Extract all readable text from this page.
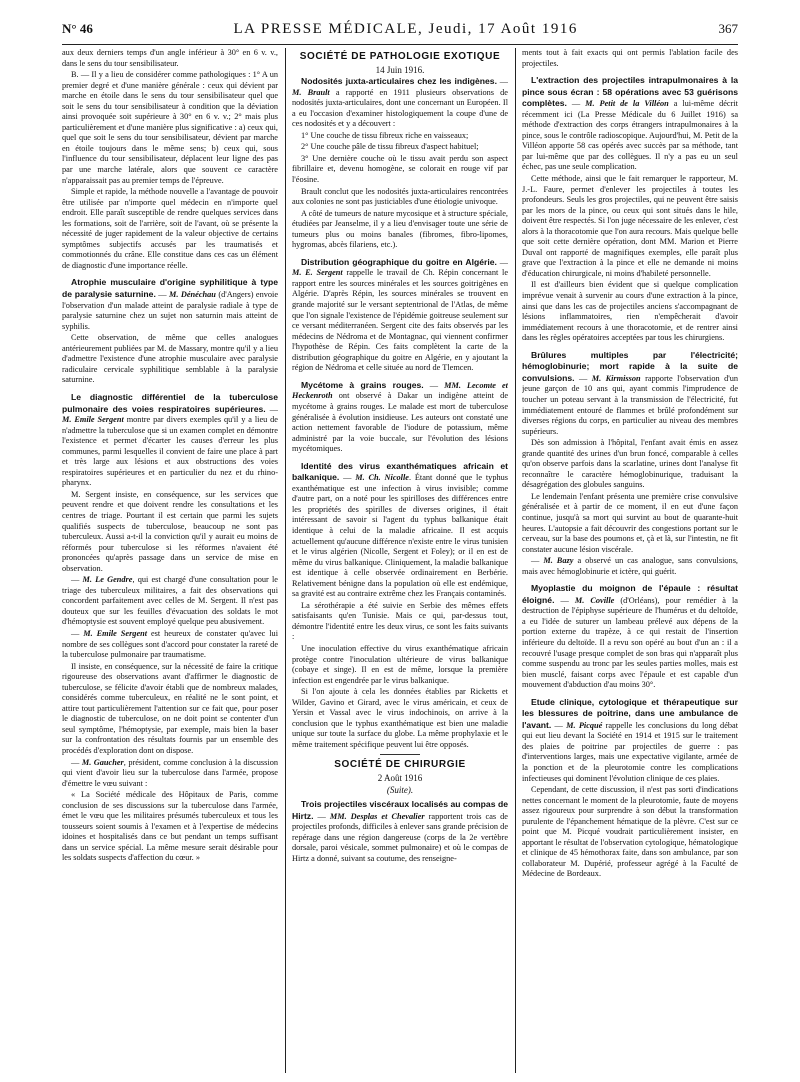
N° 46	LA PRESSE MÉDICALE, Jeudi, 17 Août 1916	367

aux deux derniers temps d'un angle inférieur à 30° en 6 v. v., dans le sens du tour sensibilisateur.

B. — Il y a lieu de considérer comme pathologiques : 1° A un premier degré et d'une manière générale : ceux qui dévient par marche en étoile dans le sens du tour sensibilisateur quel que soit le sens du tour sensibilisateur à condition que la déviation ainsi provoquée soit supérieure à 30° en 6 v. v.; 2° mais plus particulièrement et d'une manière plus significative : a) ceux qui, quel que soit le sens du tour sensibilisateur, dévient par marche en étoile toujours dans le même sens; b) ceux qui, sous l'influence du tour sensibilisateur, déplacent leur ligne des pas par une marche latérale, alors que souvent ce caractère n'apparaissait pas au premier temps de l'épreuve.

Simple et rapide, la méthode nouvelle a l'avantage de pouvoir être utilisée par n'importe quel médecin en n'importe quel endroit. Elle paraît susceptible de rendre quelques services dans les formations, soit de l'arrière, soit de l'avant, où se présente la nécessité de juger rapidement de la valeur objective de certains symptômes subjectifs accusés par les traumatisés et commotionnés du crâne. Elle constitue dans ces cas un élément de diagnostic d'une importance réelle.

Atrophie musculaire d'origine syphilitique à type de paralysie saturnine. — M. Dénéchau (d'Angers) envoie l'observation d'un malade atteint de paralysie radiale à type de paralysie saturnine chez un sujet non saturnin mais atteint de syphilis.

Cette observation, de même que celles analogues antérieurement publiées par M. de Massary, montre qu'il y a lieu d'admettre l'existence d'une atrophie musculaire avec paralysie radiculaire cervicale syphilitique semblable à la paralysie saturnine.

Le diagnostic différentiel de la tuberculose pulmonaire des voies respiratoires supérieures. — M. Emile Sergent montre par divers exemples qu'il y a lieu de n'admettre la tuberculose que si un examen complet en démontre l'existence et permet d'écarter les causes d'erreur les plus communes, parmi lesquelles il convient de faire une place à part et très large aux lésions et aux obstructions des voies respiratoires supérieures et en particulier du nez et du rhino-pharynx.

M. Sergent insiste, en conséquence, sur les services que peuvent rendre et que doivent rendre les consultations et les centres de triage. Pourtant il est certain que parmi les sujets qualifiés suspects de tuberculose, beaucoup ne sont pas tuberculeux. Aussi a-t-il la conviction qu'il y aurait eu moins de réformés pour tuberculose si les réformes n'avaient été prononcées qu'après passage dans un service de mise en observation.

— M. Le Gendre, qui est chargé d'une consultation pour le triage des tuberculeux militaires, a fait des observations qui concordent parfaitement avec celles de M. Sergent. Il n'est pas douteux que sur les feuilles d'évacuation des soldats le mot d'hémoptysie est souvent employé quelque peu abusivement.

— M. Emile Sergent est heureux de constater qu'avec lui nombre de ses collègues sont d'accord pour constater la rareté de la tuberculose pulmonaire par traumatisme.

Il insiste, en conséquence, sur la nécessité de faire la critique rigoureuse des observations avant d'affirmer le diagnostic de tuberculose, se félicite d'avoir établi que de nombreux malades, considérés comme tuberculeux, en réalité ne le sont point, et attire tout particulièrement l'attention sur ce fait que, pour poser le diagnostic de tuberculose, on ne doit point se contenter d'un seul symptôme, l'hémoptysie, par exemple, mais bien la baser sur la confrontation des résultats fournis par un ensemble des procédés d'exploration dont on dispose.

— M. Gaucher, président, comme conclusion à la discussion qui vient d'avoir lieu sur la tuberculose dans l'armée, propose d'émettre le vœu suivant :

« La Société médicale des Hôpitaux de Paris, comme conclusion de ses discussions sur la tuberculose dans l'armée, émet le vœu que les militaires présumés tuberculeux et tous les tousseurs soient soumis à l'examen et à l'expertise de médecins idoines et hospitalisés dans ce but pendant un temps suffisant dans un service spécial. La même mesure serait désirable pour les soldats suspects d'affection du cœur. »

SOCIÉTÉ DE PATHOLOGIE EXOTIQUE
14 Juin 1916.

Nodosités juxta-articulaires chez les indigènes. — M. Brault a rapporté en 1911 plusieurs observations de nodosités juxta-articulaires, dont une concernant un Européen. Il a eu l'occasion d'examiner histologiquement la coupe d'une de ces nodosités et y a découvert :

1° Une couche de tissu fibreux riche en vaisseaux;

2° Une couche pâle de tissu fibreux d'aspect habituel;

3° Une dernière couche où le tissu avait perdu son aspect fibrillaire et, devenu homogène, se colorait en rouge vif par l'éosine.

Brault conclut que les nodosités juxta-articulaires rencontrées aux colonies ne sont pas justiciables d'une étiologie univoque.

A côté de tumeurs de nature mycosique et à structure spéciale, étudiées par Jeanselme, il y a lieu d'envisager toute une série de tumeurs plus ou moins banales (fibromes, fibro-lipomes, hygromas, abcès filariens, etc.).

Distribution géographique du goitre en Algérie. — M. E. Sergent rappelle le travail de Ch. Répin concernant le rapport entre les sources minérales et les sources goitrigènes en Algérie. D'après Répin, les sources minérales se trouvent en grande majorité sur le versant septentrional de l'Atlas, de même que l'on signale l'existence de l'épidémie goitreuse seulement sur ce versant méditerranéen. Sergent cite des faits observés par les médecins de Nédroma et de Montagnac, qui viennent confirmer l'hypothèse de Répin. Ces faits complètent la carte de la distribution géographique du goitre en Algérie, en y ajoutant la région de Nédroma et celle située au nord de Tlemcen.

Mycétome à grains rouges. — MM. Lecomte et Heckenroth ont observé à Dakar un indigène atteint de mycétome à grains rouges. Le malade est mort de tuberculose généralisée à évolution insidieuse. Les auteurs ont constaté une action nettement favorable de l'iodure de potassium, même administré par la voie buccale, sur l'évolution des lésions mycétomiques.

Identité des virus exanthématiques africain et balkanique. — M. Ch. Nicolle. Étant donné que le typhus exanthématique est une infection à virus invisible; comme d'autre part, on a noté pour les spirilloses des différences entre les propriétés des spirilles de diverses origines, il était intéressant de savoir si l'agent du typhus balkanique était identique à celui de la maladie africaine. Il est acquis actuellement qu'aucune différence n'existe entre le virus tunisien et le virus algérien (Nicolle, Sergent et Foley); or il en est de même du virus balkanique. Cliniquement, la maladie balkanique est identique à celle observée ordinairement en Berbérie. Relativement bénigne dans la population où elle est endémique, sa gravité est au contraire extrême chez les Français contaminés.

La sérothérapie a été suivie en Serbie des mêmes effets satisfaisants qu'en Tunisie. Mais ce qui, par-dessus tout, démontre l'identité entre les deux virus, ce sont les faits suivants :

Une inoculation effective du virus exanthématique africain protège contre l'inoculation ultérieure de virus balkanique (cobaye et singe). Il en est de même, lorsque la première infection est engendrée par le virus balkanique.

Si l'on ajoute à cela les données établies par Ricketts et Wilder, Gavino et Girard, avec le virus américain, et ceux de Yersin et Vassal avec le virus indochinois, on arrive à la conclusion que le typhus exanthématique est bien une maladie unique sur toute la surface du globe. La même prophylaxie et le même traitement spécifique peuvent lui être opposés.

SOCIÉTÉ DE CHIRURGIE
2 Août 1916
(Suite).

Trois projectiles viscéraux localisés au compas de Hirtz. — MM. Desplas et Chevalier rapportent trois cas de projectiles profonds, difficiles à enlever sans grande précision de repérage dans une région dangereuse (corps de la 2e vertèbre dorsale, paroi vésicale, sommet pulmonaire) et où le compas de Hirtz a donné, suivant sa coutume, des renseigne-

ments tout à fait exacts qui ont permis l'ablation facile des projectiles.

L'extraction des projectiles intrapulmonaires à la pince sous écran : 58 opérations avec 53 guérisons complètes. — M. Petit de la Villéon a lui-même décrit récemment ici (La Presse Médicale du 6 Juillet 1916) sa méthode d'extraction des corps étrangers intrapulmonaires à la pince, sous le contrôle radioscopique. Aujourd'hui, M. Petit de la Villéon apporte 58 cas opérés avec succès par sa méthode, tant par lui-même que par des collègues. Il n'y a pas eu un seul échec, pas une seule complication.

Cette méthode, ainsi que le fait remarquer le rapporteur, M. J.-L. Faure, permet d'enlever les projectiles à toutes les profondeurs. Seuls les gros projectiles, qui ne peuvent être saisis par les mors de la pince, ou ceux qui sont situés dans le hile, doivent être respectés. Si l'on juge nécessaire de les enlever, c'est alors à la thoracotomie que l'on aura recours. Mais quelque belle que soit cette dernière opération, dont MM. Marion et Pierre Duval ont rapporté de magnifiques exemples, elle paraît plus grave que l'extraction à la pince et elle ne demande ni moins d'éducation chirurgicale, ni moins d'habileté personnelle.

Il est d'ailleurs bien évident que si quelque complication imprévue venait à survenir au cours d'une extraction à la pince, ainsi que dans les cas de projectiles anciens s'accompagnant de lésions inflammatoires, rien n'empêcherait d'avoir immédiatement recours à une thoracotomie, et de rentrer ainsi dans les règles opératoires acceptées par tous les chirurgiens.

Brûlures multiples par l'électricité; hémoglobinurie; mort rapide à la suite de convulsions. — M. Kirmisson rapporte l'observation d'un jeune garçon de 10 ans qui, ayant commis l'imprudence de toucher un poteau servant à la transmission de l'électricité, fut immédiatement entouré de flammes et brûlé profondément sur diverses régions du corps, en particulier au niveau des membres supérieurs.

Dès son admission à l'hôpital, l'enfant avait émis en assez grande quantité des urines d'un brun foncé, comparable à celles qu'on observe parfois dans la scarlatine, urines dont l'analyse fit reconnaître le caractère hémoglobinurique, traduisant la désagrégation des globules sanguins.

Le lendemain l'enfant présenta une première crise convulsive généralisée et à partir de ce moment, il en eut d'une façon continue, jusqu'à sa mort qui survint au bout de quarante-huit heures. L'autopsie a fait découvrir des congestions portant sur le cerveau, sur la base des poumons et, çà et là, sur l'intestin, ne fit constater aucune lésion viscérale.

— M. Bazy a observé un cas analogue, sans convulsions, mais avec hémoglobinurie et ictère, qui guérit.

Myoplastie du moignon de l'épaule : résultat éloigné. — M. Coville (d'Orléans), pour remédier à la destruction de l'épiphyse supérieure de l'humérus et du deltoïde, a eu l'idée de suturer un lambeau prélevé aux dépens de la portion externe du trapèze, à ce qui restait de l'insertion inférieure du deltoïde. Il a revu son opéré au bout d'un an : il a recouvré l'usage presque complet de son bras qui n'apparaît plus comme suspendu au tronc par les seules parties molles, mais est bien musclé, faisant corps avec l'épaule et est capable d'un mouvement d'abduction d'au moins 30°.

Etude clinique, cytologique et thérapeutique sur les blessures de poitrine, dans une ambulance de l'avant. — M. Picqué rappelle les conclusions du long débat qui eut lieu devant la Société en 1914 et 1915 sur le traitement des plaies de poitrine par projectiles de guerre : pas d'interventions larges, mais une expectative vigilante, armée de la ponction et de la pleurotomie contre les complications infectieuses qui dominent l'évolution clinique de ces plaies.

Cependant, de cette discussion, il n'est pas sorti d'indications nettes concernant le moment de la pleurotomie, faute de moyens assez rigoureux pour surprendre à son début la transformation purulente de l'épanchement hématique de la plèvre. C'est sur ce point que M. Picqué voudrait particulièrement insister, en apportant le résultat de l'observation cytologique, hématologique et clinique de 45 hémothorax faite, dans son ambulance, par son collaborateur M. Dupérié, professeur agrégé à la Faculté de Médecine de Bordeaux.
